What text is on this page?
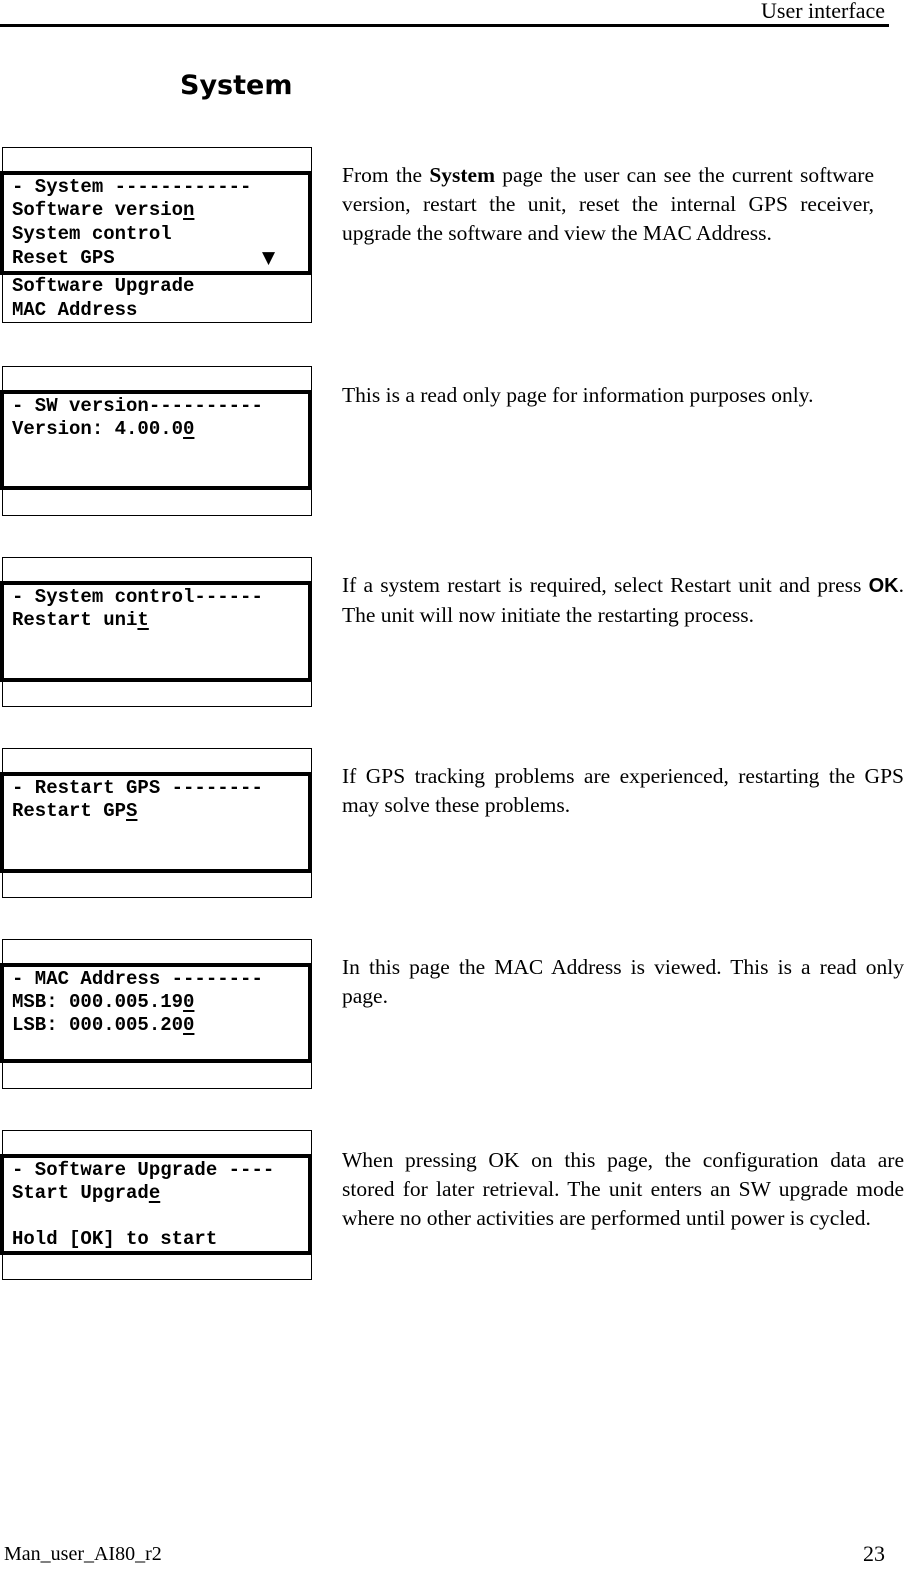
User interface
System
- System ------------
Software version
System control
Reset GPS	▼
Software Upgrade
MAC Address
From the System page the user can see the current software version, restart the unit, reset the internal GPS receiver, upgrade the software and view the MAC Address.
- SW version----------
Version: 4.00.00
This is a read only page for information purposes only.
- System control------
Restart unit
If a system restart is required, select Restart unit and press OK. The unit will now initiate the restarting process.
- Restart GPS --------
Restart GPS
If GPS tracking problems are experienced, restarting the GPS may solve these problems.
- MAC Address --------
MSB: 000.005.190
LSB: 000.005.200
In this page the MAC Address is viewed. This is a read only page.
- Software Upgrade ----
Start Upgrade
Hold [OK] to start
When pressing OK on this page, the configuration data are stored for later retrieval. The unit enters an SW upgrade mode where no other activities are performed until power is cycled.
Man_user_AI80_r2	23
